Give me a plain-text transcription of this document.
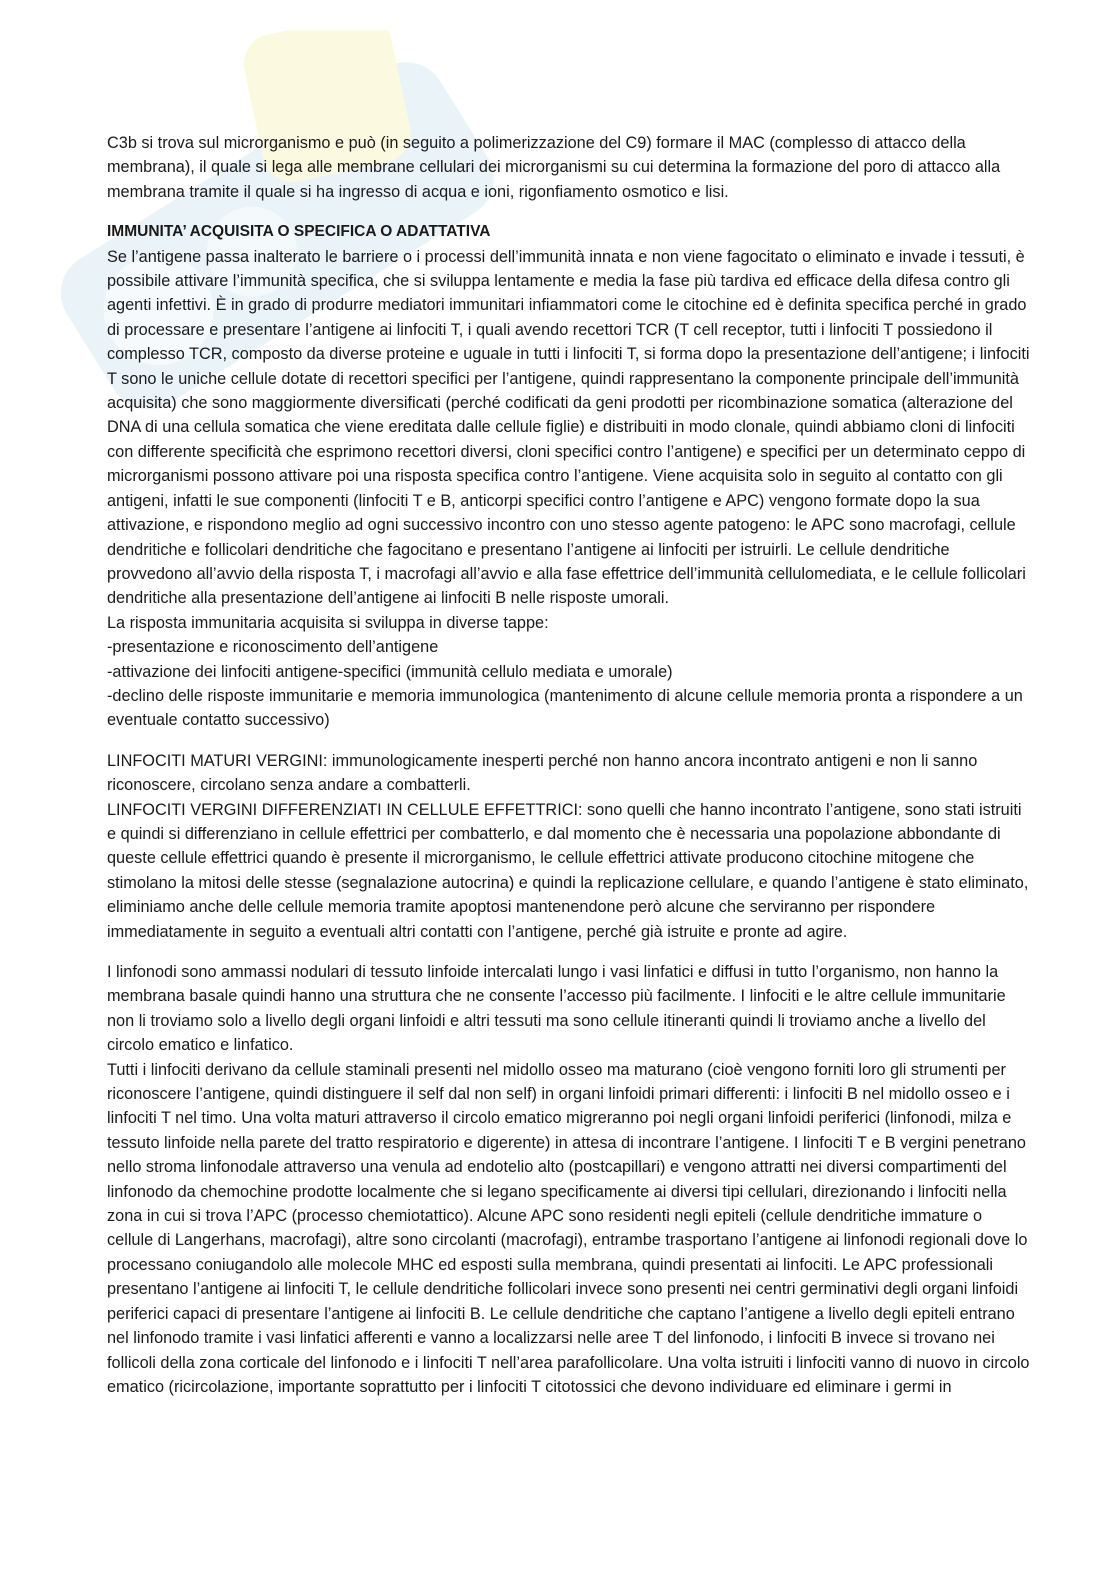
C3b si trova sul microrganismo e può (in seguito a polimerizzazione del C9) formare il MAC (complesso di attacco della membrana), il quale si lega alle membrane cellulari dei microrganismi su cui determina la formazione del poro di attacco alla membrana tramite il quale si ha ingresso di acqua e ioni, rigonfiamento osmotico e lisi.

IMMUNITA’ ACQUISITA O SPECIFICA O ADATTATIVA

Se l’antigene passa inalterato le barriere o i processi dell’immunità innata e non viene fagocitato o eliminato e invade i tessuti, è possibile attivare l’immunità specifica, che si sviluppa lentamente e media la fase più tardiva ed efficace della difesa contro gli agenti infettivi. È in grado di produrre mediatori immunitari infiammatori come le citochine ed è definita specifica perché in grado di processare e presentare l’antigene ai linfociti T, i quali avendo recettori TCR (T cell receptor, tutti i linfociti T possiedono il complesso TCR, composto da diverse proteine e uguale in tutti i linfociti T, si forma dopo la presentazione dell’antigene; i linfociti T sono le uniche cellule dotate di recettori specifici per l’antigene, quindi rappresentano la componente principale dell’immunità acquisita) che sono maggiormente diversificati (perché codificati da geni prodotti per ricombinazione somatica (alterazione del DNA di una cellula somatica che viene ereditata dalle cellule figlie) e distribuiti in modo clonale, quindi abbiamo cloni di linfociti con differente specificità che esprimono recettori diversi, cloni specifici contro l’antigene) e specifici per un determinato ceppo di microrganismi possono attivare poi una risposta specifica contro l’antigene. Viene acquisita solo in seguito al contatto con gli antigeni, infatti le sue componenti (linfociti T e B, anticorpi specifici contro l’antigene e APC) vengono formate dopo la sua attivazione, e rispondono meglio ad ogni successivo incontro con uno stesso agente patogeno: le APC sono macrofagi, cellule dendritiche e follicolari dendritiche che fagocitano e presentano l’antigene ai linfociti per istruirli. Le cellule dendritiche provvedono all’avvio della risposta T, i macrofagi all’avvio e alla fase effettrice dell’immunità cellulomediata, e le cellule follicolari dendritiche alla presentazione dell’antigene ai linfociti B nelle risposte umorali.

La risposta immunitaria acquisita si sviluppa in diverse tappe:

-presentazione e riconoscimento dell’antigene

-attivazione dei linfociti antigene-specifici (immunità cellulo mediata e umorale)

-declino delle risposte immunitarie e memoria immunologica (mantenimento di alcune cellule memoria pronta a rispondere a un eventuale contatto successivo)

LINFOCITI MATURI VERGINI: immunologicamente inesperti perché non hanno ancora incontrato antigeni e non li sanno riconoscere, circolano senza andare a combatterli.

LINFOCITI VERGINI DIFFERENZIATI IN CELLULE EFFETTRICI: sono quelli che hanno incontrato l’antigene, sono stati istruiti e quindi si differenziano in cellule effettrici per combatterlo, e dal momento che è necessaria una popolazione abbondante di queste cellule effettrici quando è presente il microrganismo, le cellule effettrici attivate producono citochine mitogene che stimolano la mitosi delle stesse (segnalazione autocrina) e quindi la replicazione cellulare, e quando l’antigene è stato eliminato, eliminiamo anche delle cellule memoria tramite apoptosi mantenendone però alcune che serviranno per rispondere immediatamente in seguito a eventuali altri contatti con l’antigene, perché già istruite e pronte ad agire.

I linfonodi sono ammassi nodulari di tessuto linfoide intercalati lungo i vasi linfatici e diffusi in tutto l’organismo, non hanno la membrana basale quindi hanno una struttura che ne consente l’accesso più facilmente. I linfociti e le altre cellule immunitarie non li troviamo solo a livello degli organi linfoidi e altri tessuti ma sono cellule itineranti quindi li troviamo anche a livello del circolo ematico e linfatico.

Tutti i linfociti derivano da cellule staminali presenti nel midollo osseo ma maturano (cioè vengono forniti loro gli strumenti per riconoscere l’antigene, quindi distinguere il self dal non self) in organi linfoidi primari differenti: i linfociti B nel midollo osseo e i linfociti T nel timo. Una volta maturi attraverso il circolo ematico migreranno poi negli organi linfoidi periferici (linfonodi, milza e tessuto linfoide nella parete del tratto respiratorio e digerente) in attesa di incontrare l’antigene. I linfociti T e B vergini penetrano nello stroma linfonodale attraverso una venula ad endotelio alto (postcapillari) e vengono attratti nei diversi compartimenti del linfonodo da chemochine prodotte localmente che si legano specificamente ai diversi tipi cellulari, direzionando i linfociti nella zona in cui si trova l’APC (processo chemiotattico). Alcune APC sono residenti negli epiteli (cellule dendritiche immature o cellule di Langerhans, macrofagi), altre sono circolanti (macrofagi), entrambe trasportano l’antigene ai linfonodi regionali dove lo processano coniugandolo alle molecole MHC ed esposti sulla membrana, quindi presentati ai linfociti. Le APC professionali presentano l’antigene ai linfociti T, le cellule dendritiche follicolari invece sono presenti nei centri germinativi degli organi linfoidi periferici capaci di presentare l’antigene ai linfociti B. Le cellule dendritiche che captano l’antigene a livello degli epiteli entrano nel linfonodo tramite i vasi linfatici afferenti e vanno a localizzarsi nelle aree T del linfonodo, i linfociti B invece si trovano nei follicoli della zona corticale del linfonodo e i linfociti T nell’area parafollicolare. Una volta istruiti i linfociti vanno di nuovo in circolo ematico (ricircolazione, importante soprattutto per i linfociti T citotossici che devono individuare ed eliminare i germi in
